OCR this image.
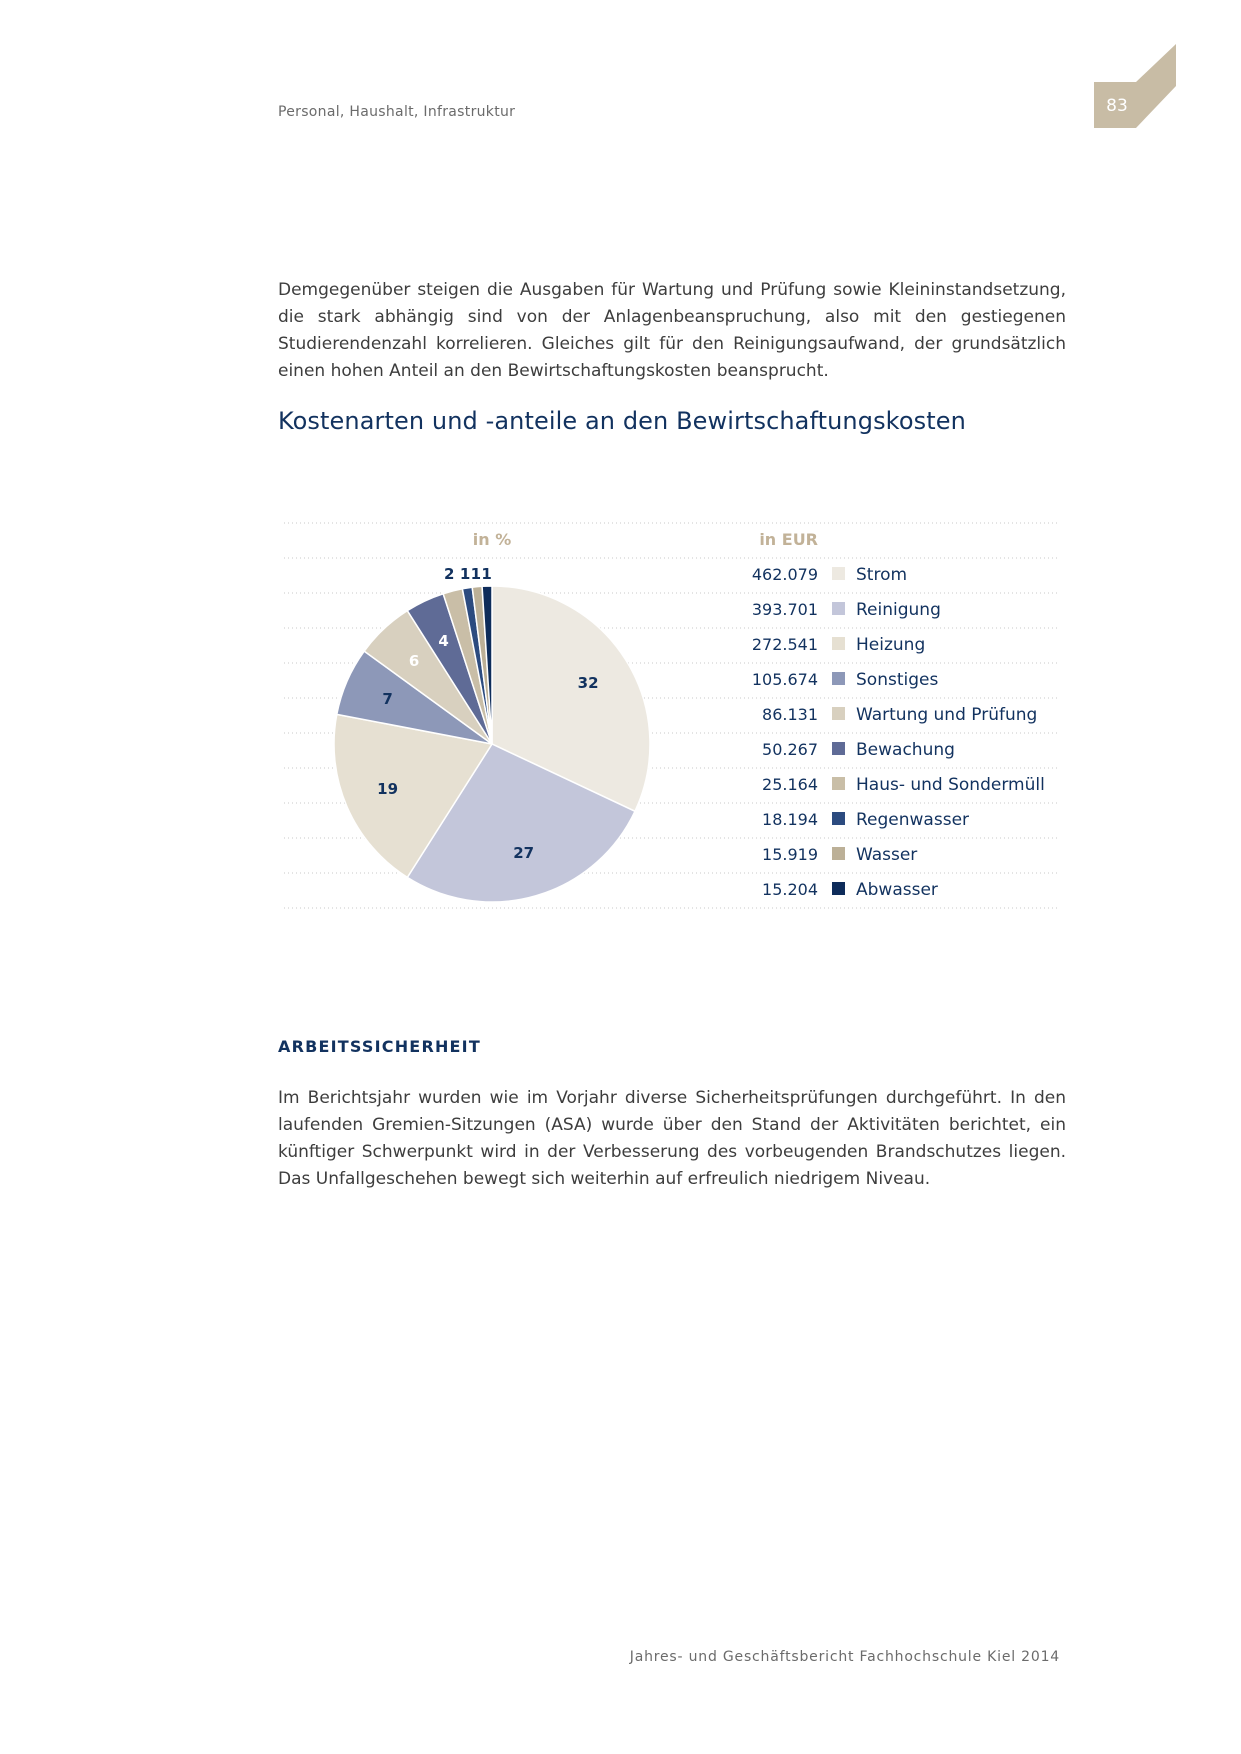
Personal, Haushalt, Infrastruktur	83
Demgegenüber steigen die Ausgaben für Wartung und Prüfung sowie Kleininstandsetzung, die stark abhängig sind von der Anlagenbeanspruchung, also mit den gestiegenen Studierendenzahl korrelieren. Gleiches gilt für den Reinigungsaufwand, der grundsätzlich einen hohen Anteil an den Bewirtschaftungskosten beansprucht.
Kostenarten und -anteile an den Bewirtschaftungskosten
in %	in EUR
32
27
19
7
6
4
2 1 1 1	462.079 Strom
393.701 Reinigung
272.541 Heizung
105.674 Sonstiges
86.131 Wartung und Prüfung
50.267 Bewachung
25.164 Haus- und Sondermüll
18.194 Regenwasser
15.919 Wasser
15.204 Abwasser
ARBEITSSICHERHEIT
Im Berichtsjahr wurden wie im Vorjahr diverse Sicherheitsprüfungen durchgeführt. In den laufenden Gremien-Sitzungen (ASA) wurde über den Stand der Aktivitäten berichtet, ein künftiger Schwerpunkt wird in der Verbesserung des vorbeugenden Brandschutzes liegen. Das Unfallgeschehen bewegt sich weiterhin auf erfreulich niedrigem Niveau.
Jahres- und Geschäftsbericht Fachhochschule Kiel 2014
